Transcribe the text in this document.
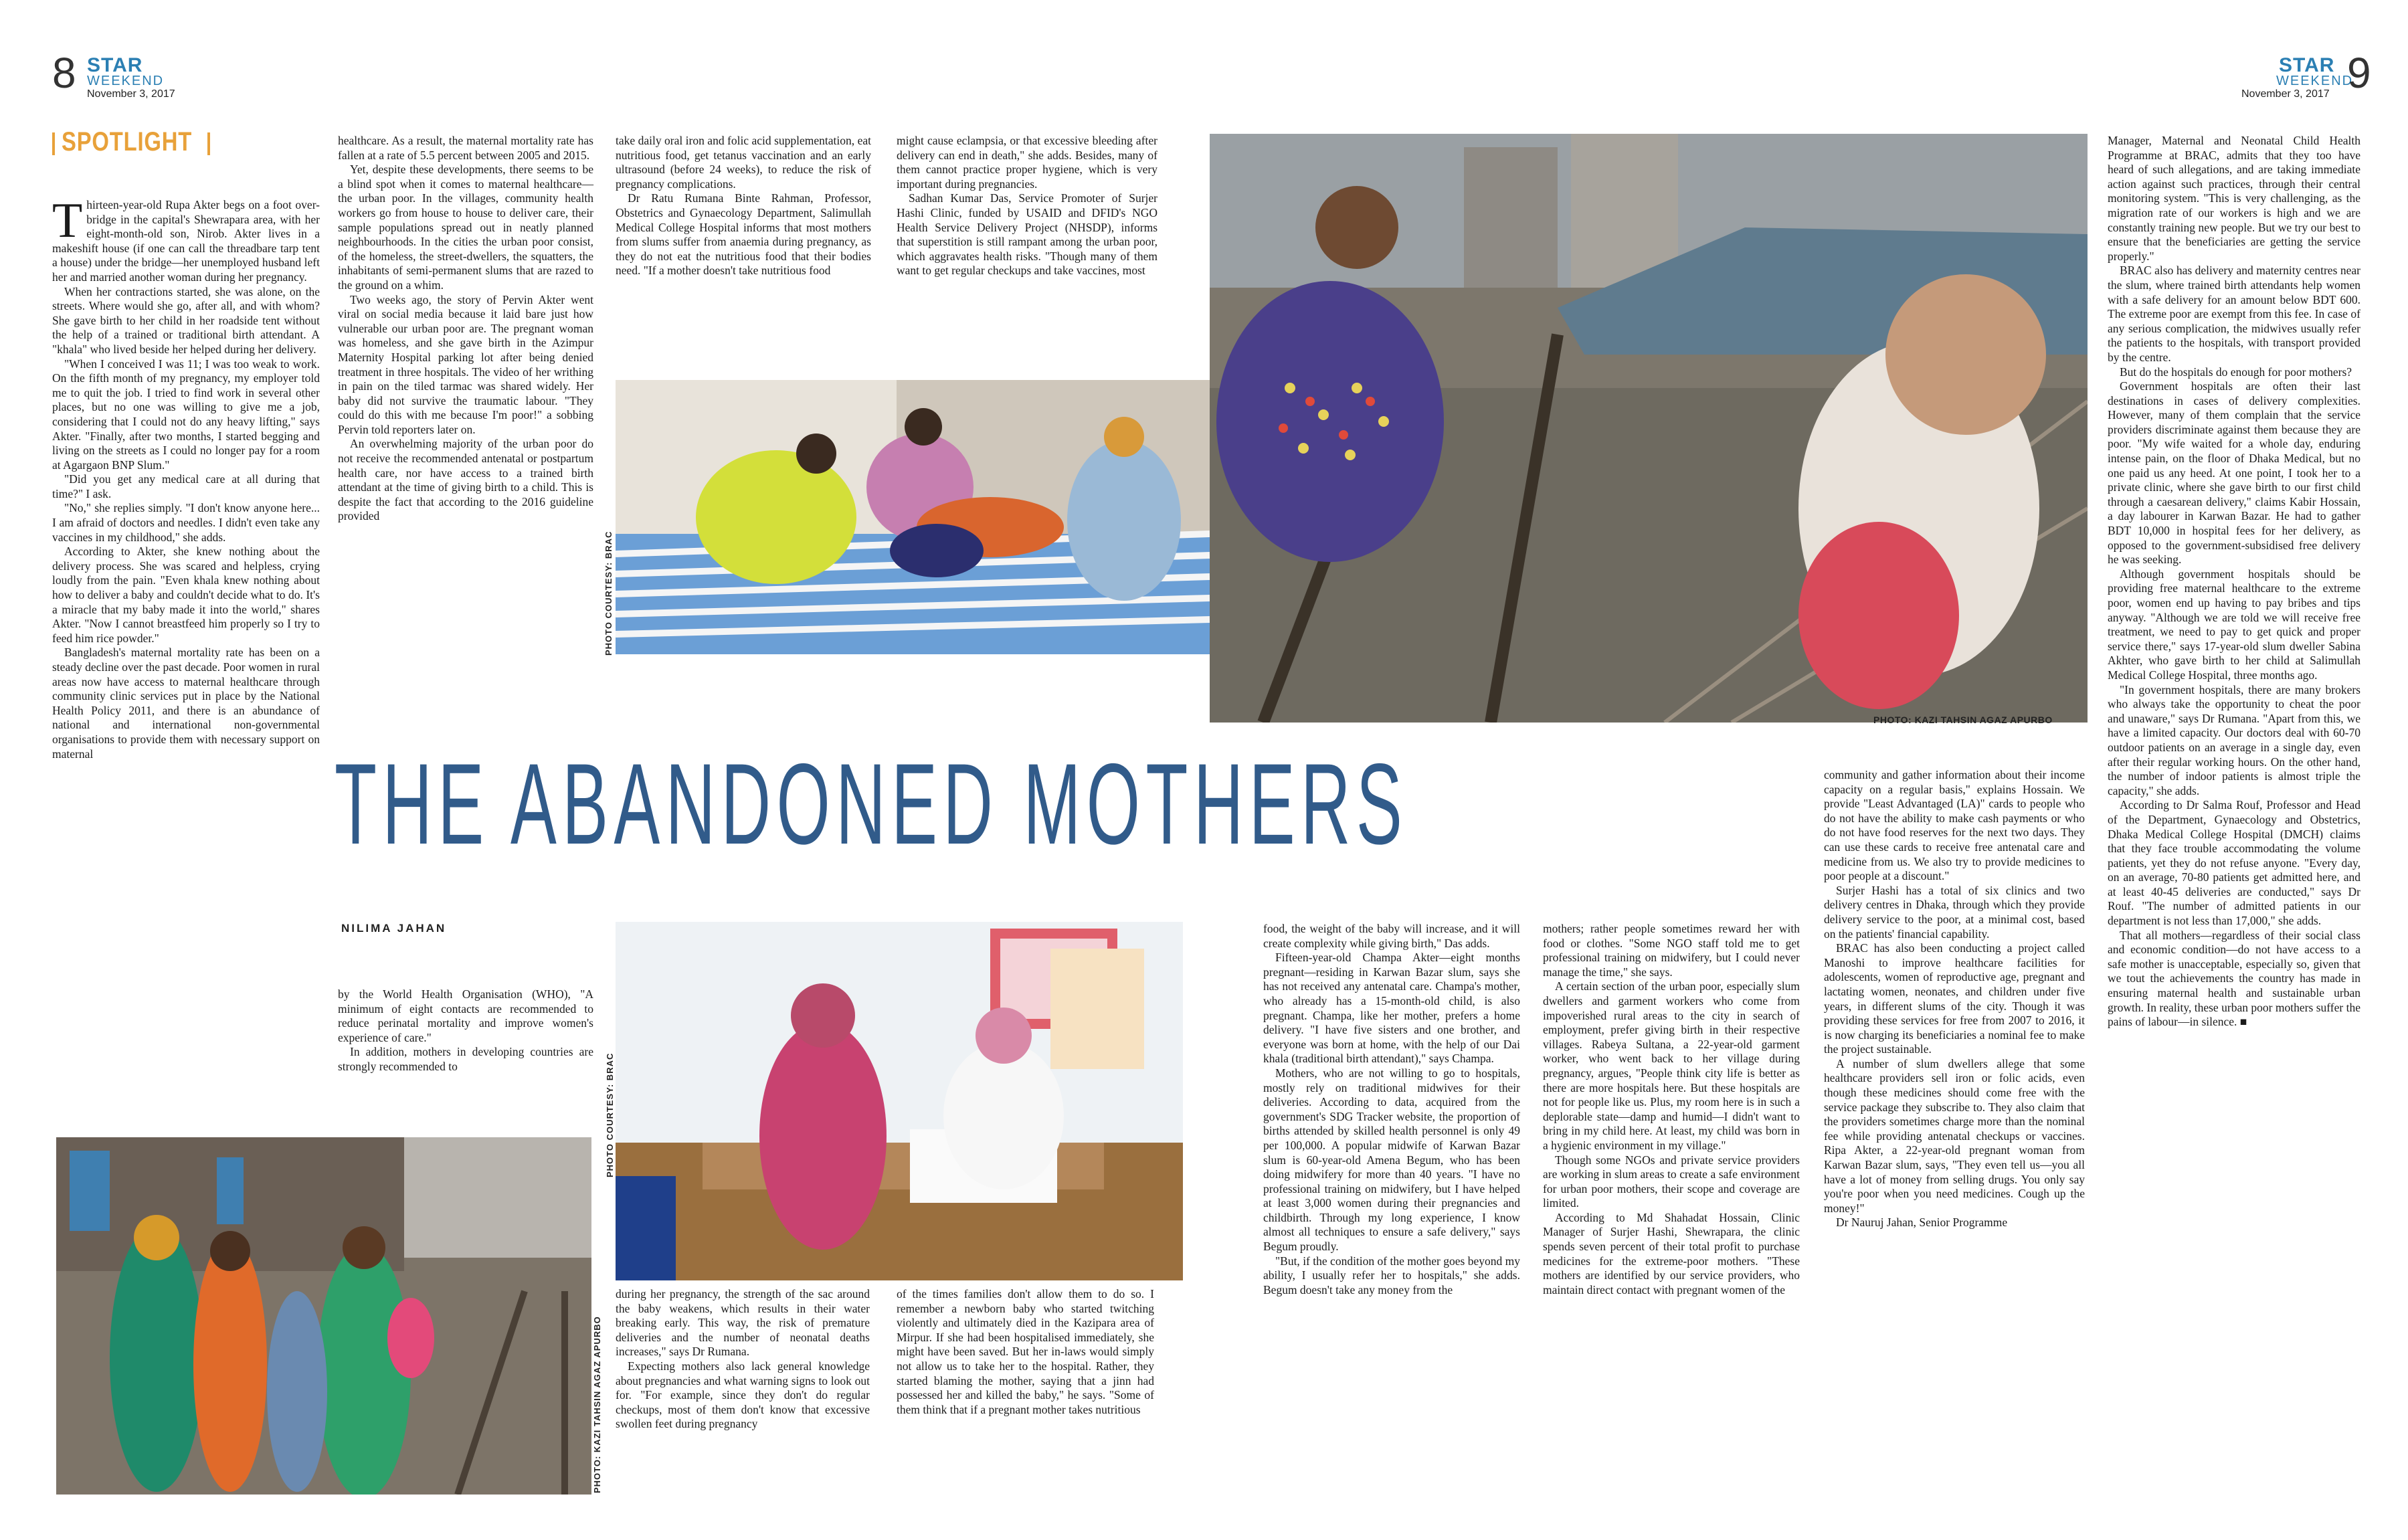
8 STAR
WEEKEND
November 3, 2017
STAR
WEEKEND
November 3, 2017 9
SPOTLIGHT

Thirteen-year-old Rupa Akter begs on a foot over-bridge in the capital's Shewrapara area, with her eight-month-old son, Nirob. Akter lives in a makeshift house (if one can call the threadbare tarp tent a house) under the bridge—her unemployed husband left her and married another woman during her pregnancy.

When her contractions started, she was alone, on the streets. Where would she go, after all, and with whom? She gave birth to her child in her roadside tent without the help of a trained or traditional birth attendant. A "khala" who lived beside her helped during her delivery.

"When I conceived I was 11; I was too weak to work. On the fifth month of my pregnancy, my employer told me to quit the job. I tried to find work in several other places, but no one was willing to give me a job, considering that I could not do any heavy lifting," says Akter. "Finally, after two months, I started begging and living on the streets as I could no longer pay for a room at Agargaon BNP Slum."

"Did you get any medical care at all during that time?" I ask.

"No," she replies simply. "I don't know anyone here... I am afraid of doctors and needles. I didn't even take any vaccines in my childhood," she adds.

According to Akter, she knew nothing about the delivery process. She was scared and helpless, crying loudly from the pain. "Even khala knew nothing about how to deliver a baby and couldn't decide what to do. It's a miracle that my baby made it into the world," shares Akter. "Now I cannot breastfeed him properly so I try to feed him rice powder."

Bangladesh's maternal mortality rate has been on a steady decline over the past decade. Poor women in rural areas now have access to maternal healthcare through community clinic services put in place by the National Health Policy 2011, and there is an abundance of national and international non-governmental organisations to provide them with necessary support on maternal

healthcare. As a result, the maternal mortality rate has fallen at a rate of 5.5 percent between 2005 and 2015.

Yet, despite these developments, there seems to be a blind spot when it comes to maternal healthcare—the urban poor. In the villages, community health workers go from house to house to deliver care, their sample populations spread out in neatly planned neighbourhoods. In the cities the urban poor consist, of the homeless, the street-dwellers, the squatters, the inhabitants of semi-permanent slums that are razed to the ground on a whim.

Two weeks ago, the story of Pervin Akter went viral on social media because it laid bare just how vulnerable our urban poor are. The pregnant woman was homeless, and she gave birth in the Azimpur Maternity Hospital parking lot after being denied treatment in three hospitals. The video of her writhing in pain on the tiled tarmac was shared widely. Her baby did not survive the traumatic labour. "They could do this with me because I'm poor!" a sobbing Pervin told reporters later on.

An overwhelming majority of the urban poor do not receive the recommended antenatal or postpartum health care, nor have access to a trained birth attendant at the time of giving birth to a child. This is despite the fact that according to the 2016 guideline provided

take daily oral iron and folic acid supplementation, eat nutritious food, get tetanus vaccination and an early ultrasound (before 24 weeks), to reduce the risk of pregnancy complications.

Dr Ratu Rumana Binte Rahman, Professor, Obstetrics and Gynaecology Department, Salimullah Medical College Hospital informs that most mothers from slums suffer from anaemia during pregnancy, as they do not eat the nutritious food that their bodies need. "If a mother doesn't take nutritious food

might cause eclampsia, or that excessive bleeding after delivery can end in death," she adds. Besides, many of them cannot practice proper hygiene, which is very important during pregnancies.

Sadhan Kumar Das, Service Promoter of Surjer Hashi Clinic, funded by USAID and DFID's NGO Health Service Delivery Project (NHSDP), informs that superstition is still rampant among the urban poor, which aggravates health risks. "Though many of them want to get regular checkups and take vaccines, most

PHOTO COURTESY: BRAC
PHOTO: KAZI TAHSIN AGAZ APURBO
THE ABANDONED MOTHERS
NILIMA JAHAN

by the World Health Organisation (WHO), "A minimum of eight contacts are recommended to reduce perinatal mortality and improve women's experience of care."

In addition, mothers in developing countries are strongly recommended to	PHOTO COURTESY: BRAC
PHOTO: KAZI TAHSIN AGAZ APURBO

during her pregnancy, the strength of the sac around the baby weakens, which results in their water breaking early. This way, the risk of premature deliveries and the number of neonatal deaths increases," says Dr Rumana.

Expecting mothers also lack general knowledge about pregnancies and what warning signs to look out for. "For example, since they don't do regular checkups, most of them don't know that excessive swollen feet during pregnancy

of the times families don't allow them to do so. I remember a newborn baby who started twitching violently and ultimately died in the Kazipara area of Mirpur. If she had been hospitalised immediately, she might have been saved. But her in-laws would simply not allow us to take her to the hospital. Rather, they started blaming the mother, saying that a jinn had possessed her and killed the baby," he says. "Some of them think that if a pregnant mother takes nutritious

food, the weight of the baby will increase, and it will create complexity while giving birth," Das adds.

Fifteen-year-old Champa Akter—eight months pregnant—residing in Karwan Bazar slum, says she has not received any antenatal care. Champa's mother, who already has a 15-month-old child, is also pregnant. Champa, like her mother, prefers a home delivery. "I have five sisters and one brother, and everyone was born at home, with the help of our Dai khala (traditional birth attendant)," says Champa.

Mothers, who are not willing to go to hospitals, mostly rely on traditional midwives for their deliveries. According to data, acquired from the government's SDG Tracker website, the proportion of births attended by skilled health personnel is only 49 per 100,000. A popular midwife of Karwan Bazar slum is 60-year-old Amena Begum, who has been doing midwifery for more than 40 years. "I have no professional training on midwifery, but I have helped at least 3,000 women during their pregnancies and childbirth. Through my long experience, I know almost all techniques to ensure a safe delivery," says Begum proudly.

"But, if the condition of the mother goes beyond my ability, I usually refer her to hospitals," she adds. Begum doesn't take any money from the

mothers; rather people sometimes reward her with food or clothes. "Some NGO staff told me to get professional training on midwifery, but I could never manage the time," she says.

A certain section of the urban poor, especially slum dwellers and garment workers who come from impoverished rural areas to the city in search of employment, prefer giving birth in their respective villages. Rabeya Sultana, a 22-year-old garment worker, who went back to her village during pregnancy, argues, "People think city life is better as there are more hospitals here. But these hospitals are not for people like us. Plus, my room here is in such a deplorable state—damp and humid—I didn't want to bring in my child here. At least, my child was born in a hygienic environment in my village."

Though some NGOs and private service providers are working in slum areas to create a safe environment for urban poor mothers, their scope and coverage are limited.

According to Md Shahadat Hossain, Clinic Manager of Surjer Hashi, Shewrapara, the clinic spends seven percent of their total profit to purchase medicines for the extreme-poor mothers. "These mothers are identified by our service providers, who maintain direct contact with pregnant women of the

community and gather information about their income capacity on a regular basis," explains Hossain. We provide "Least Advantaged (LA)" cards to people who do not have the ability to make cash payments or who do not have food reserves for the next two days. They can use these cards to receive free antenatal care and medicine from us. We also try to provide medicines to poor people at a discount."

Surjer Hashi has a total of six clinics and two delivery centres in Dhaka, through which they provide delivery service to the poor, at a minimal cost, based on the patients' financial capability.

BRAC has also been conducting a project called Manoshi to improve healthcare facilities for adolescents, women of reproductive age, pregnant and lactating women, neonates, and children under five years, in different slums of the city. Though it was providing these services for free from 2007 to 2016, it is now charging its beneficiaries a nominal fee to make the project sustainable.

A number of slum dwellers allege that some healthcare providers sell iron or folic acids, even though these medicines should come free with the service package they subscribe to. They also claim that the providers sometimes charge more than the nominal fee while providing antenatal checkups or vaccines. Ripa Akter, a 22-year-old pregnant woman from Karwan Bazar slum, says, "They even tell us—you all have a lot of money from selling drugs. You only say you're poor when you need medicines. Cough up the money!"

Dr Nauruj Jahan, Senior Programme

Manager, Maternal and Neonatal Child Health Programme at BRAC, admits that they too have heard of such allegations, and are taking immediate action against such practices, through their central monitoring system. "This is very challenging, as the migration rate of our workers is high and we are constantly training new people. But we try our best to ensure that the beneficiaries are getting the service properly."

BRAC also has delivery and maternity centres near the slum, where trained birth attendants help women with a safe delivery for an amount below BDT 600. The extreme poor are exempt from this fee. In case of any serious complication, the midwives usually refer the patients to the hospitals, with transport provided by the centre.

But do the hospitals do enough for poor mothers?

Government hospitals are often their last destinations in cases of delivery complexities. However, many of them complain that the service providers discriminate against them because they are poor. "My wife waited for a whole day, enduring intense pain, on the floor of Dhaka Medical, but no one paid us any heed. At one point, I took her to a private clinic, where she gave birth to our first child through a caesarean delivery," claims Kabir Hossain, a day labourer in Karwan Bazar. He had to gather BDT 10,000 in hospital fees for her delivery, as opposed to the government-subsidised free delivery he was seeking.

Although government hospitals should be providing free maternal healthcare to the extreme poor, women end up having to pay bribes and tips anyway. "Although we are told we will receive free treatment, we need to pay to get quick and proper service there," says 17-year-old slum dweller Sabina Akhter, who gave birth to her child at Salimullah Medical College Hospital, three months ago.

"In government hospitals, there are many brokers who always take the opportunity to cheat the poor and unaware," says Dr Rumana. "Apart from this, we have a limited capacity. Our doctors deal with 60-70 outdoor patients on an average in a single day, even after their regular working hours. On the other hand, the number of indoor patients is almost triple the capacity," she adds.

According to Dr Salma Rouf, Professor and Head of the Department, Gynaecology and Obstetrics, Dhaka Medical College Hospital (DMCH) claims that they face trouble accommodating the volume patients, yet they do not refuse anyone. "Every day, on an average, 70-80 patients get admitted here, and at least 40-45 deliveries are conducted," says Dr Rouf. "The number of admitted patients in our department is not less than 17,000," she adds.

That all mothers—regardless of their social class and economic condition—do not have access to a safe mother is unacceptable, especially so, given that we tout the achievements the country has made in ensuring maternal health and sustainable urban growth. In reality, these urban poor mothers suffer the pains of labour—in silence. ■
